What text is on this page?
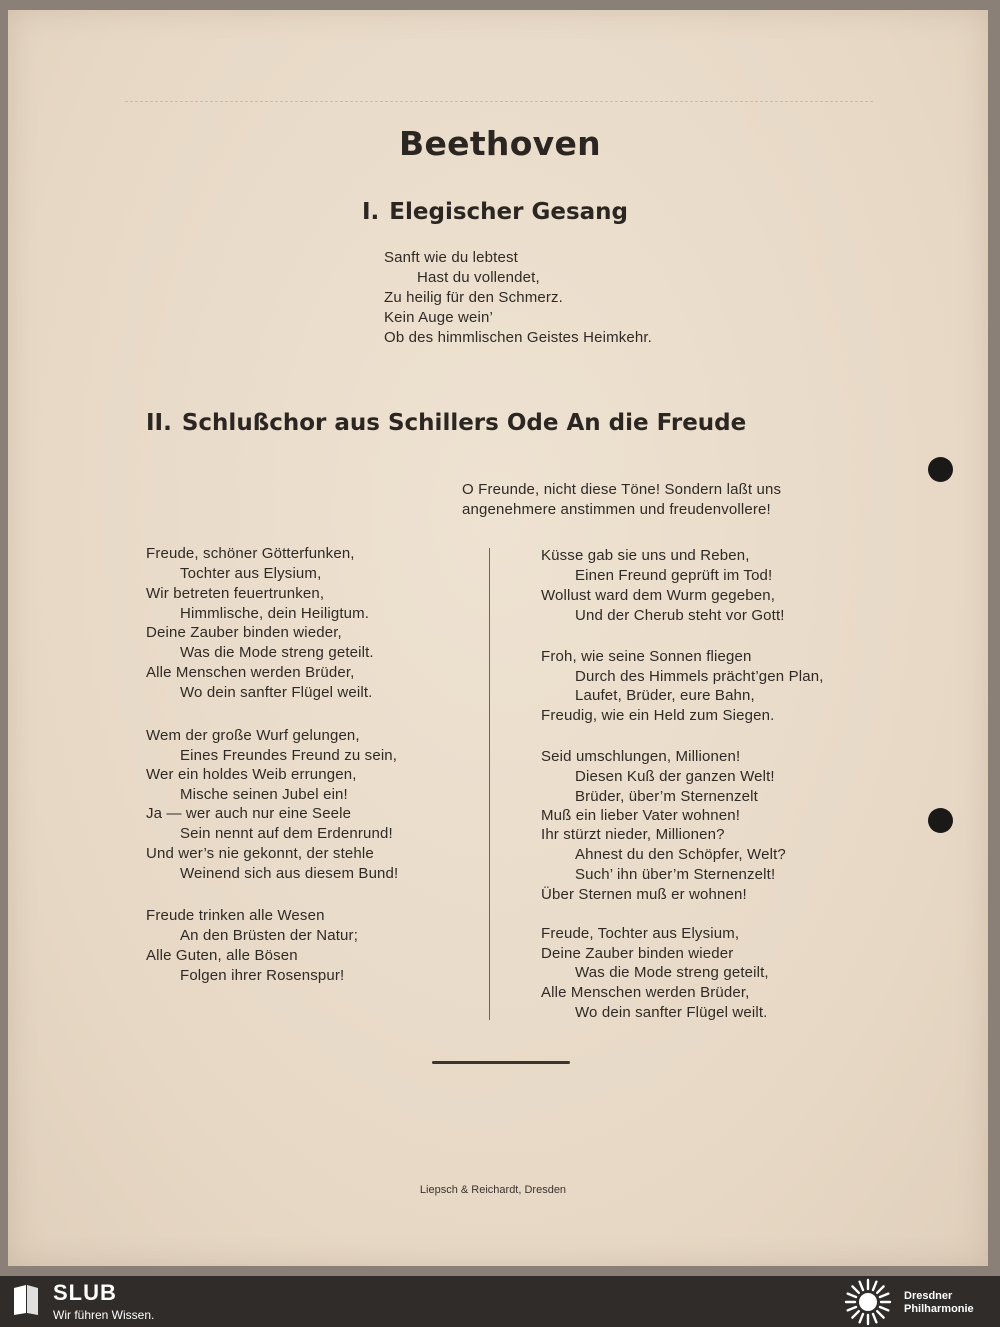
Beethoven
I. Elegischer Gesang
Sanft wie du lebtest
Hast du vollendet,
Zu heilig für den Schmerz.
Kein Auge wein’
Ob des himmlischen Geistes Heimkehr.
II. Schlußchor aus Schillers Ode An die Freude
O Freunde, nicht diese Töne! Sondern laßt uns
angenehmere anstimmen und freudenvollere!
Freude, schöner Götterfunken,
Tochter aus Elysium,
Wir betreten feuertrunken,
Himmlische, dein Heiligtum.
Deine Zauber binden wieder,
Was die Mode streng geteilt.
Alle Menschen werden Brüder,
Wo dein sanfter Flügel weilt.
Wem der große Wurf gelungen,
Eines Freundes Freund zu sein,
Wer ein holdes Weib errungen,
Mische seinen Jubel ein!
Ja — wer auch nur eine Seele
Sein nennt auf dem Erdenrund!
Und wer’s nie gekonnt, der stehle
Weinend sich aus diesem Bund!
Freude trinken alle Wesen
An den Brüsten der Natur;
Alle Guten, alle Bösen
Folgen ihrer Rosenspur!
Küsse gab sie uns und Reben,
Einen Freund geprüft im Tod!
Wollust ward dem Wurm gegeben,
Und der Cherub steht vor Gott!
Froh, wie seine Sonnen fliegen
Durch des Himmels prächt’gen Plan,
Laufet, Brüder, eure Bahn,
Freudig, wie ein Held zum Siegen.
Seid umschlungen, Millionen!
Diesen Kuß der ganzen Welt!
Brüder, über’m Sternenzelt
Muß ein lieber Vater wohnen!
Ihr stürzt nieder, Millionen?
Ahnest du den Schöpfer, Welt?
Such’ ihn über’m Sternenzelt!
Über Sternen muß er wohnen!
Freude, Tochter aus Elysium,
Deine Zauber binden wieder
Was die Mode streng geteilt,
Alle Menschen werden Brüder,
Wo dein sanfter Flügel weilt.
Liepsch & Reichardt, Dresden
SLUB
Wir führen Wissen.
Dresdner
Philharmonie
